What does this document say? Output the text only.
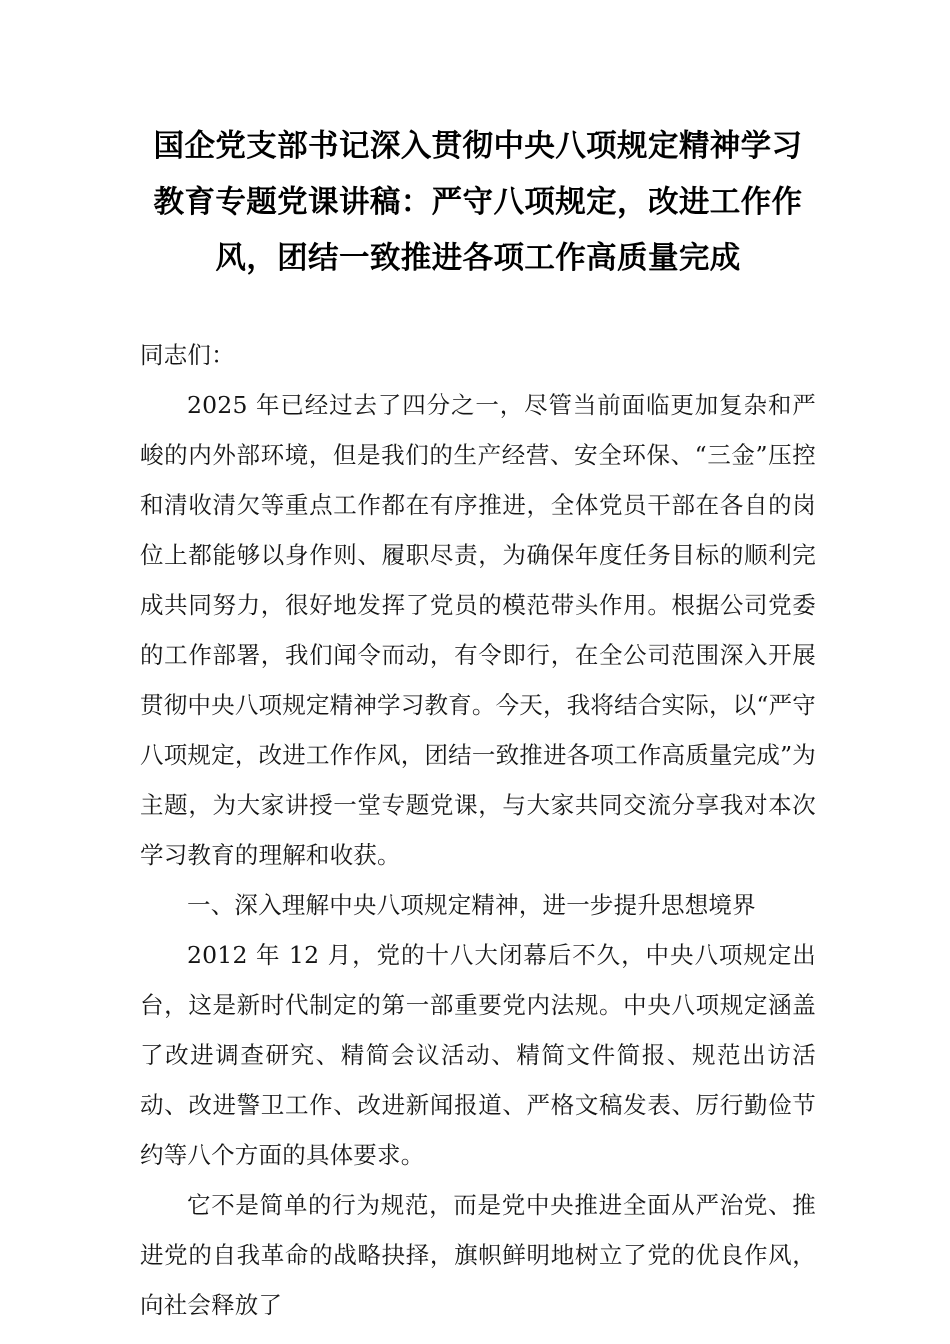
国企党支部书记深入贯彻中央八项规定精神学习教育专题党课讲稿：严守八项规定，改进工作作风，团结一致推进各项工作高质量完成

同志们：

2025 年已经过去了四分之一，尽管当前面临更加复杂和严峻的内外部环境，但是我们的生产经营、安全环保、“三金”压控和清收清欠等重点工作都在有序推进，全体党员干部在各自的岗位上都能够以身作则、履职尽责，为确保年度任务目标的顺利完成共同努力，很好地发挥了党员的模范带头作用。根据公司党委的工作部署，我们闻令而动，有令即行，在全公司范围深入开展贯彻中央八项规定精神学习教育。今天，我将结合实际，以“严守八项规定，改进工作作风，团结一致推进各项工作高质量完成”为主题，为大家讲授一堂专题党课，与大家共同交流分享我对本次学习教育的理解和收获。

一、深入理解中央八项规定精神，进一步提升思想境界

2012 年 12 月，党的十八大闭幕后不久，中央八项规定出台，这是新时代制定的第一部重要党内法规。中央八项规定涵盖了改进调查研究、精简会议活动、精简文件简报、规范出访活动、改进警卫工作、改进新闻报道、严格文稿发表、厉行勤俭节约等八个方面的具体要求。

它不是简单的行为规范，而是党中央推进全面从严治党、推进党的自我革命的战略抉择，旗帜鲜明地树立了党的优良作风，向社会释放了
